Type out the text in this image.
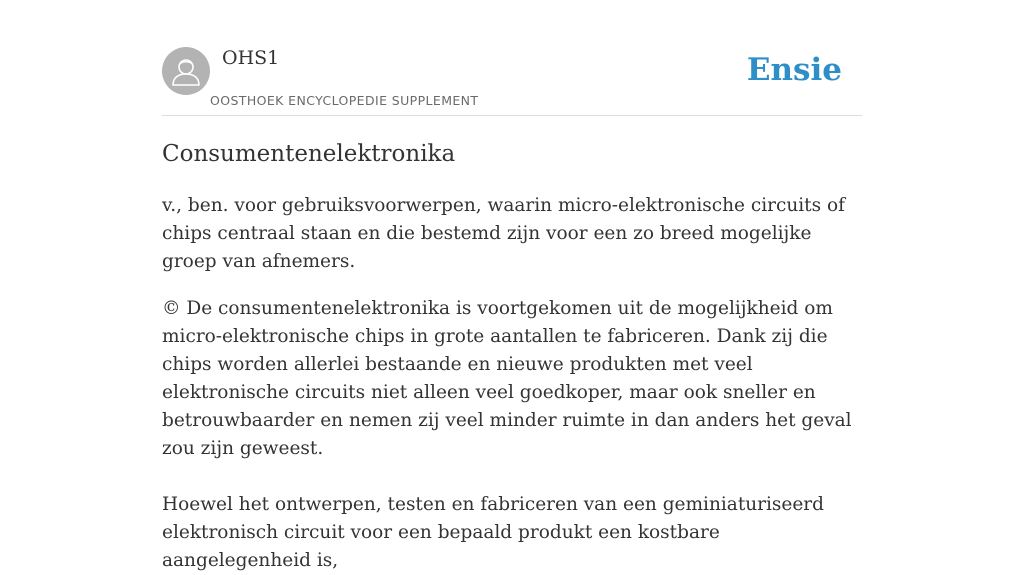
OHS1
OOSTHOEK ENCYCLOPEDIE SUPPLEMENT
Ensie
Consumentenelektronika

v., ben. voor gebruiksvoorwerpen, waarin micro-elektronische circuits of chips centraal staan en die bestemd zijn voor een zo breed mogelijke groep van afnemers.

© De consumentenelektronika is voortgekomen uit de mogelijkheid om micro-elektronische chips in grote aantallen te fabriceren. Dank zij die chips worden allerlei bestaande en nieuwe produkten met veel elektronische circuits niet alleen veel goedkoper, maar ook sneller en betrouwbaarder en nemen zij veel minder ruimte in dan anders het geval zou zijn geweest.

Hoewel het ontwerpen, testen en fabriceren van een geminiaturiseerd elektronisch circuit voor een bepaald produkt een kostbare aangelegenheid is,
